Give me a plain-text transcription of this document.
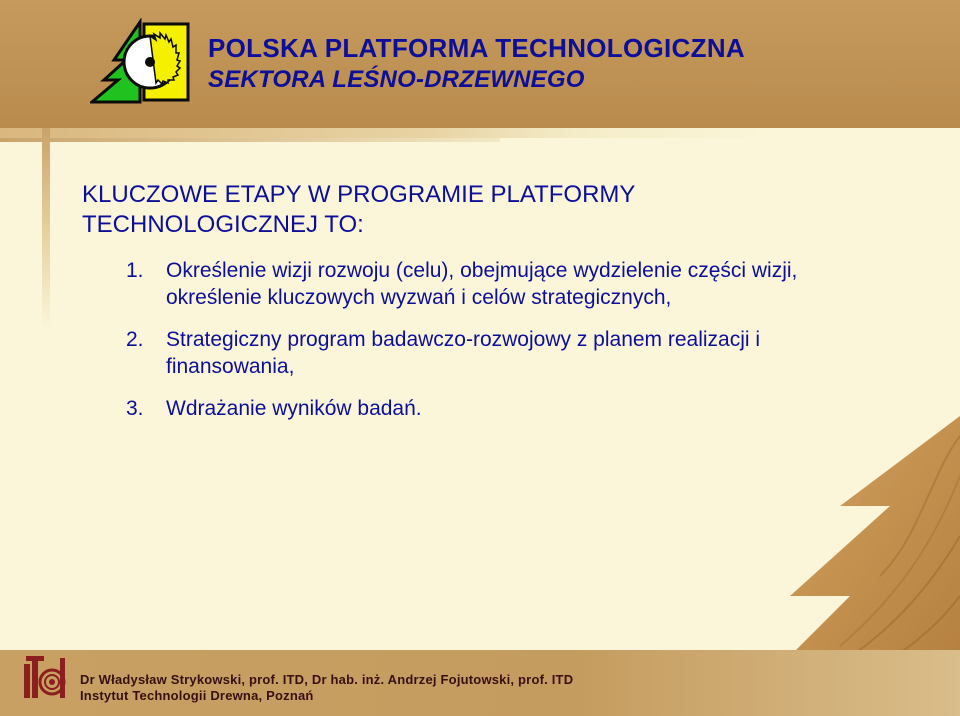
POLSKA PLATFORMA TECHNOLOGICZNA
SEKTORA LEŚNO-DRZEWNEGO
KLUCZOWE ETAPY W PROGRAMIE PLATFORMY TECHNOLOGICZNEJ TO:
1. Określenie wizji rozwoju (celu), obejmujące wydzielenie części wizji, określenie kluczowych wyzwań i celów strategicznych,
2. Strategiczny program badawczo-rozwojowy z planem realizacji i finansowania,
3. Wdrażanie wyników badań.
Dr Władysław Strykowski, prof. ITD, Dr hab. inż. Andrzej Fojutowski, prof. ITD
Instytut Technologii Drewna, Poznań
